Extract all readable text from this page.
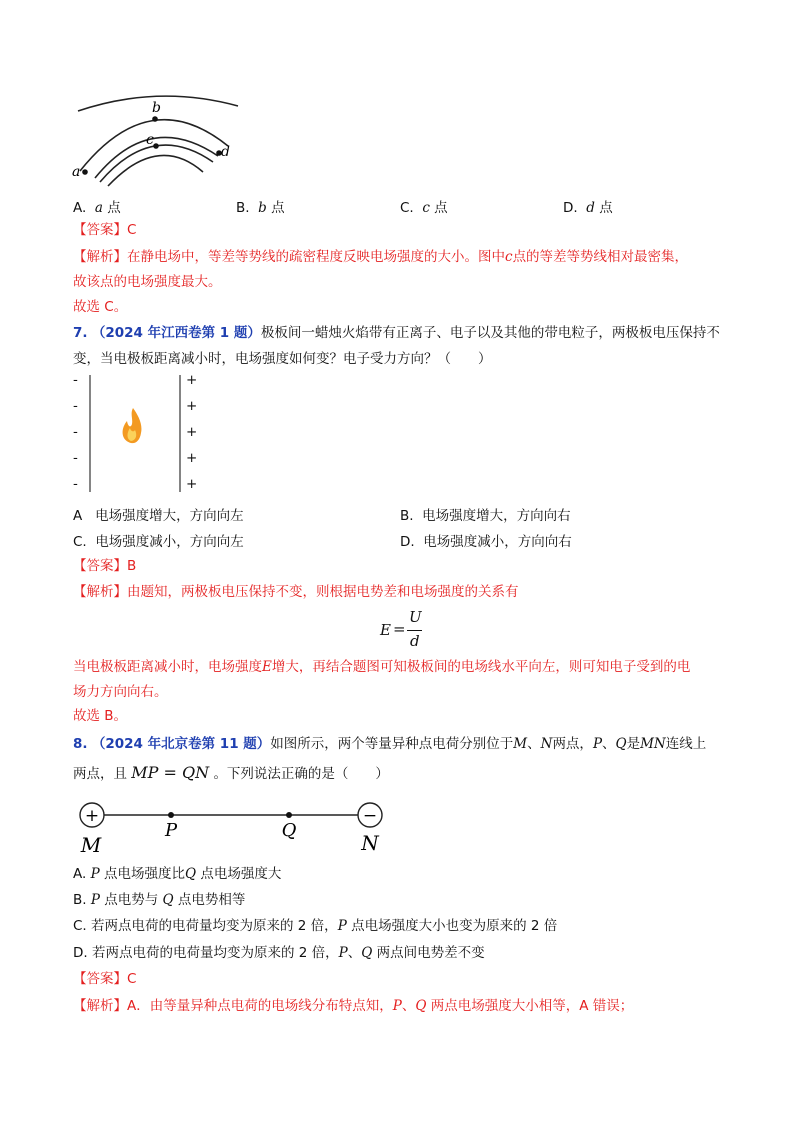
a
b
c
d
A. a 点	B. b 点	C. c 点	D. d 点
【答案】C
【解析】在静电场中，等差等势线的疏密程度反映电场强度的大小。图中c点的等差等势线相对最密集，
故该点的电场强度最大。
故选 C。
7. （2024 年江西卷第 1 题）极板间一蜡烛火焰带有正离子、电子以及其他的带电粒子，两极板电压保持不
变，当电极板距离减小时，电场强度如何变？电子受力方向？（　　）
-
-
-
-
-
+
+
+
+
+
A 电场强度增大，方向向左	B. 电场强度增大，方向向右
C. 电场强度减小，方向向左	D. 电场强度减小，方向向右
【答案】B
【解析】由题知，两极板电压保持不变，则根据电势差和电场强度的关系有
E =
U
d
当电极板距离减小时，电场强度E增大，再结合题图可知极板间的电场线水平向左，则可知电子受到的电
场力方向向右。
故选 B。
8. （2024 年北京卷第 11 题）如图所示，两个等量异种点电荷分别位于M、N两点，P、Q是MN连线上
两点，且 MP = QN 。下列说法正确的是（　　）
+	−
M
P	Q
N
A. P 点电场强度比Q 点电场强度大
B. P 点电势与 Q 点电势相等
C. 若两点电荷的电荷量均变为原来的 2 倍，P 点电场强度大小也变为原来的 2 倍
D. 若两点电荷的电荷量均变为原来的 2 倍，P、Q 两点间电势差不变
【答案】C
【解析】A．由等量异种点电荷的电场线分布特点知，P、Q 两点电场强度大小相等，A 错误；
